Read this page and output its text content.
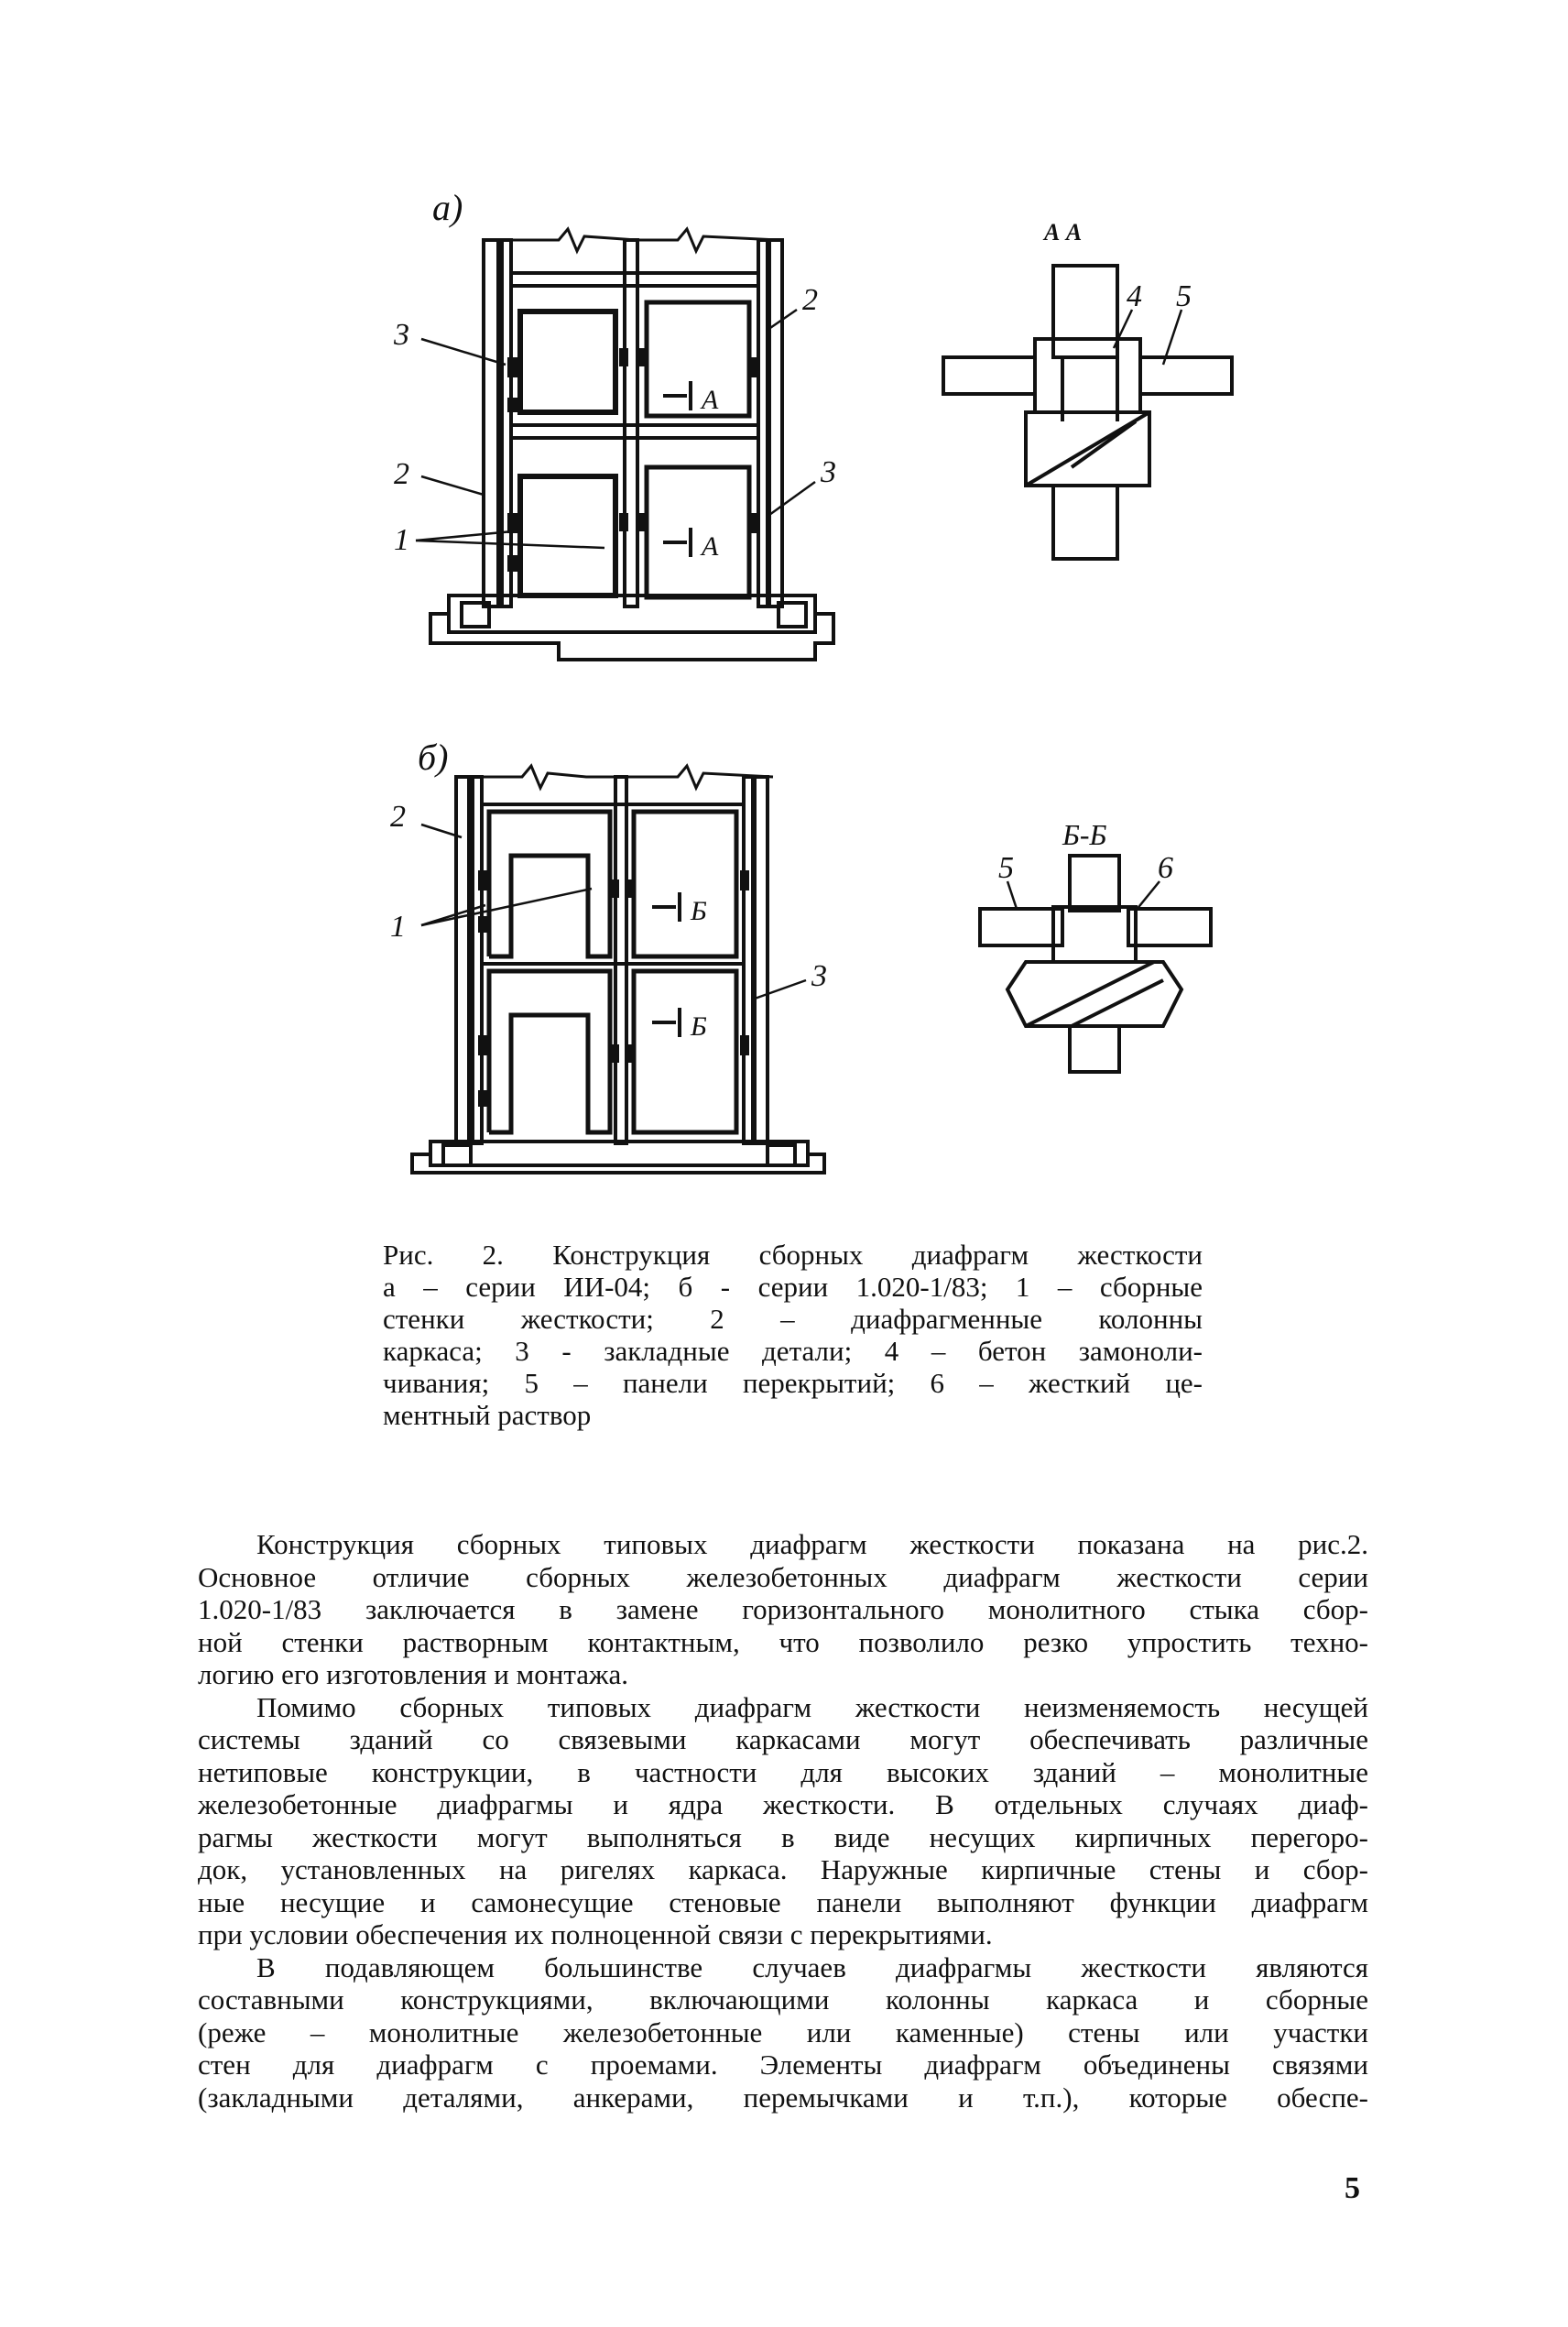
а)
А
А
3
2
2	3
1
А А
4 5
б)
Б
Б
2
1
3
Б-Б
5	6
Рис. 2. Конструкция сборных диафрагм жесткости
а – серии ИИ-04; б - серии 1.020-1/83; 1 – сборные
стенки жесткости; 2 – диафрагменные колонны
каркаса; 3 - закладные детали; 4 – бетон замоноли-
чивания; 5 – панели перекрытий; 6 – жесткий це-
ментный раствор
Конструкция сборных типовых диафрагм жесткости показана на рис.2.
Основное отличие сборных железобетонных диафрагм жесткости серии
1.020-1/83 заключается в замене горизонтального монолитного стыка сбор-
ной стенки растворным контактным, что позволило резко упростить техно-
логию его изготовления и монтажа.
Помимо сборных типовых диафрагм жесткости неизменяемость несущей
системы зданий со связевыми каркасами могут обеспечивать различные
нетиповые конструкции, в частности для высоких зданий – монолитные
железобетонные диафрагмы и ядра жесткости. В отдельных случаях диаф-
рагмы жесткости могут выполняться в виде несущих кирпичных перегоро-
док, установленных на ригелях каркаса. Наружные кирпичные стены и сбор-
ные несущие и самонесущие стеновые панели выполняют функции диафрагм
при условии обеспечения их полноценной связи с перекрытиями.
В подавляющем большинстве случаев диафрагмы жесткости являются
составными конструкциями, включающими колонны каркаса и сборные
(реже – монолитные железобетонные или каменные) стены или участки
стен для диафрагм с проемами. Элементы диафрагм объединены связями
(закладными деталями, анкерами, перемычками и т.п.), которые обеспе-
5
